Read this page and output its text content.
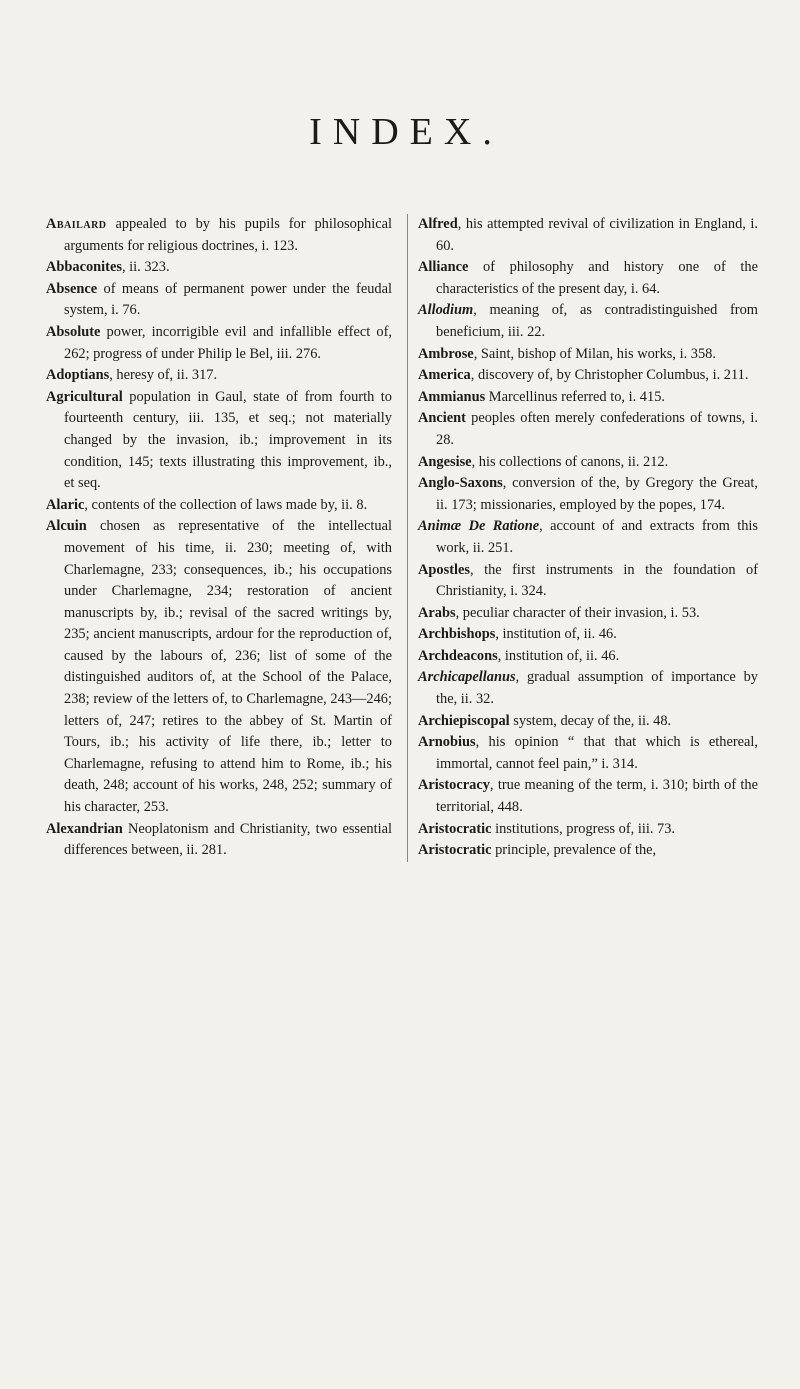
INDEX.

Abailard appealed to by his pupils for philosophical arguments for religious doctrines, i. 123.

Abbaconites, ii. 323.

Absence of means of permanent power under the feudal system, i. 76.

Absolute power, incorrigible evil and infallible effect of, 262; progress of under Philip le Bel, iii. 276.

Adoptians, heresy of, ii. 317.

Agricultural population in Gaul, state of from fourth to fourteenth century, iii. 135, et seq.; not materially changed by the invasion, ib.; improvement in its condition, 145; texts illustrating this improvement, ib., et seq.

Alaric, contents of the collection of laws made by, ii. 8.

Alcuin chosen as representative of the intellectual movement of his time, ii. 230; meeting of, with Charlemagne, 233; consequences, ib.; his occupations under Charlemagne, 234; restoration of ancient manuscripts by, ib.; revisal of the sacred writings by, 235; ancient manuscripts, ardour for the reproduction of, caused by the labours of, 236; list of some of the distinguished auditors of, at the School of the Palace, 238; review of the letters of, to Charlemagne, 243—246; letters of, 247; retires to the abbey of St. Martin of Tours, ib.; his activity of life there, ib.; letter to Charlemagne, refusing to attend him to Rome, ib.; his death, 248; account of his works, 248, 252; summary of his character, 253.

Alexandrian Neoplatonism and Christianity, two essential differences between, ii. 281.

Alfred, his attempted revival of civilization in England, i. 60.

Alliance of philosophy and history one of the characteristics of the present day, i. 64.

Allodium, meaning of, as contradistinguished from beneficium, iii. 22.

Ambrose, Saint, bishop of Milan, his works, i. 358.

America, discovery of, by Christopher Columbus, i. 211.

Ammianus Marcellinus referred to, i. 415.

Ancient peoples often merely confederations of towns, i. 28.

Angesise, his collections of canons, ii. 212.

Anglo-Saxons, conversion of the, by Gregory the Great, ii. 173; missionaries, employed by the popes, 174.

Animæ De Ratione, account of and extracts from this work, ii. 251.

Apostles, the first instruments in the foundation of Christianity, i. 324.

Arabs, peculiar character of their invasion, i. 53.

Archbishops, institution of, ii. 46.

Archdeacons, institution of, ii. 46.

Archicapellanus, gradual assumption of importance by the, ii. 32.

Archiepiscopal system, decay of the, ii. 48.

Arnobius, his opinion “ that that which is ethereal, immortal, cannot feel pain,” i. 314.

Aristocracy, true meaning of the term, i. 310; birth of the territorial, 448.

Aristocratic institutions, progress of, iii. 73.

Aristocratic principle, prevalence of the,
